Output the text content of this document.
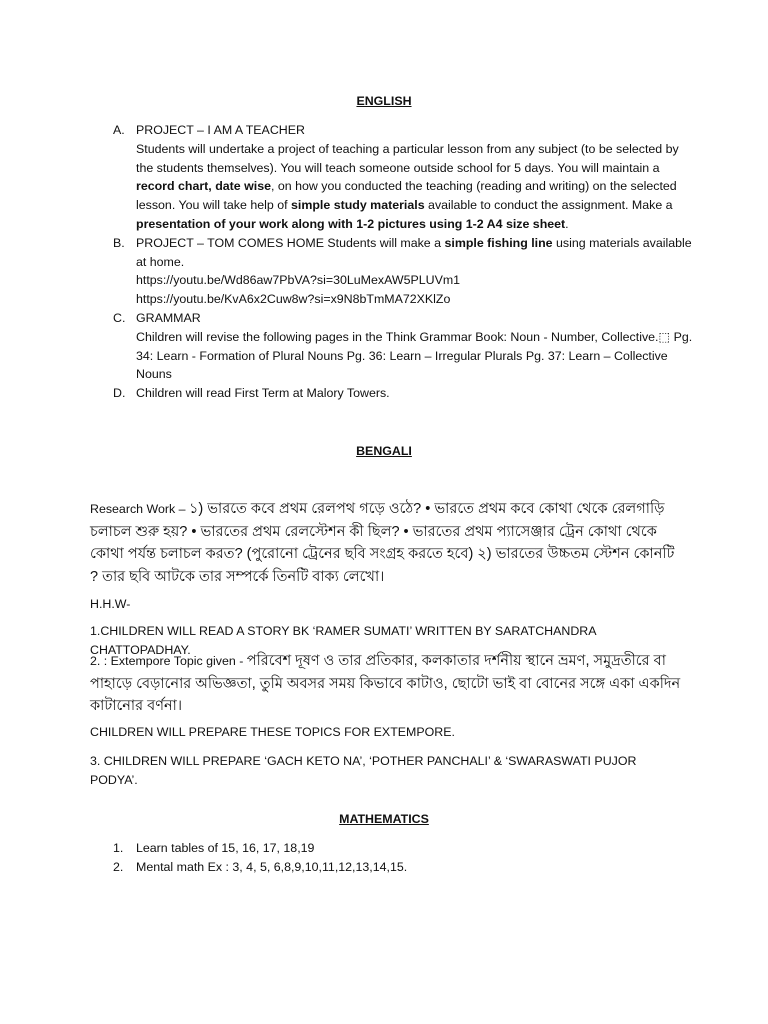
ENGLISH
A. PROJECT – I AM A TEACHER

Students will undertake a project of teaching a particular lesson from any subject (to be selected by the students themselves). You will teach someone outside school for 5 days. You will maintain a record chart, date wise, on how you conducted the teaching (reading and writing) on the selected lesson. You will take help of simple study materials available to conduct the assignment. Make a presentation of your work along with 1-2 pictures using 1-2 A4 size sheet.

B. PROJECT – TOM COMES HOME Students will make a simple fishing line using materials available at home.

https://youtu.be/Wd86aw7PbVA?si=30LuMexAW5PLUVm1

https://youtu.be/KvA6x2Cuw8w?si=x9N8bTmMA72XKlZo

C. GRAMMAR

Children will revise the following pages in the Think Grammar Book: Noun - Number, Collective.⬚ Pg. 34: Learn - Formation of Plural Nouns Pg. 36: Learn – Irregular Plurals Pg. 37: Learn – Collective Nouns

D. Children will read First Term at Malory Towers.

BENGALI

Research Work – ১) ভারতে কবে প্রথম রেলপথ গড়ে ওঠে? • ভারতে প্রথম কবে কোথা থেকে রেলগাড়ি চলাচল শুরু হয়? • ভারতের প্রথম রেলস্টেশন কী ছিল? • ভারতের প্রথম প্যাসেঞ্জার ট্রেন কোথা থেকে কোথা পর্যন্ত চলাচল করত? (পুরোনো ট্রেনের ছবি সংগ্রহ করতে হবে) ২) ভারতের উচ্চতম স্টেশন কোনটি ? তার ছবি আটকে তার সম্পর্কে তিনটি বাক্য লেখো।

H.H.W-
1.CHILDREN WILL READ A STORY BK ‘RAMER SUMATI’ WRITTEN BY SARATCHANDRA CHATTOPADHAY.

2. : Extempore Topic given - পরিবেশ দূষণ ও তার প্রতিকার, কলকাতার দর্শনীয় স্থানে ভ্রমণ, সমুদ্রতীরে বা পাহাড়ে বেড়ানোর অভিজ্ঞতা, তুমি অবসর সময় কিভাবে কাটাও, ছোটো ভাই বা বোনের সঙ্গে একা একদিন কাটানোর বর্ণনা।

CHILDREN WILL PREPARE THESE TOPICS FOR EXTEMPORE.
3. CHILDREN WILL PREPARE ‘GACH KETO NA’, ‘POTHER PANCHALI’ & ‘SWARASWATI PUJOR PODYA’.
MATHEMATICS
1. Learn tables of 15, 16, 17, 18,19

2. Mental math Ex : 3, 4, 5, 6,8,9,10,11,12,13,14,15.
